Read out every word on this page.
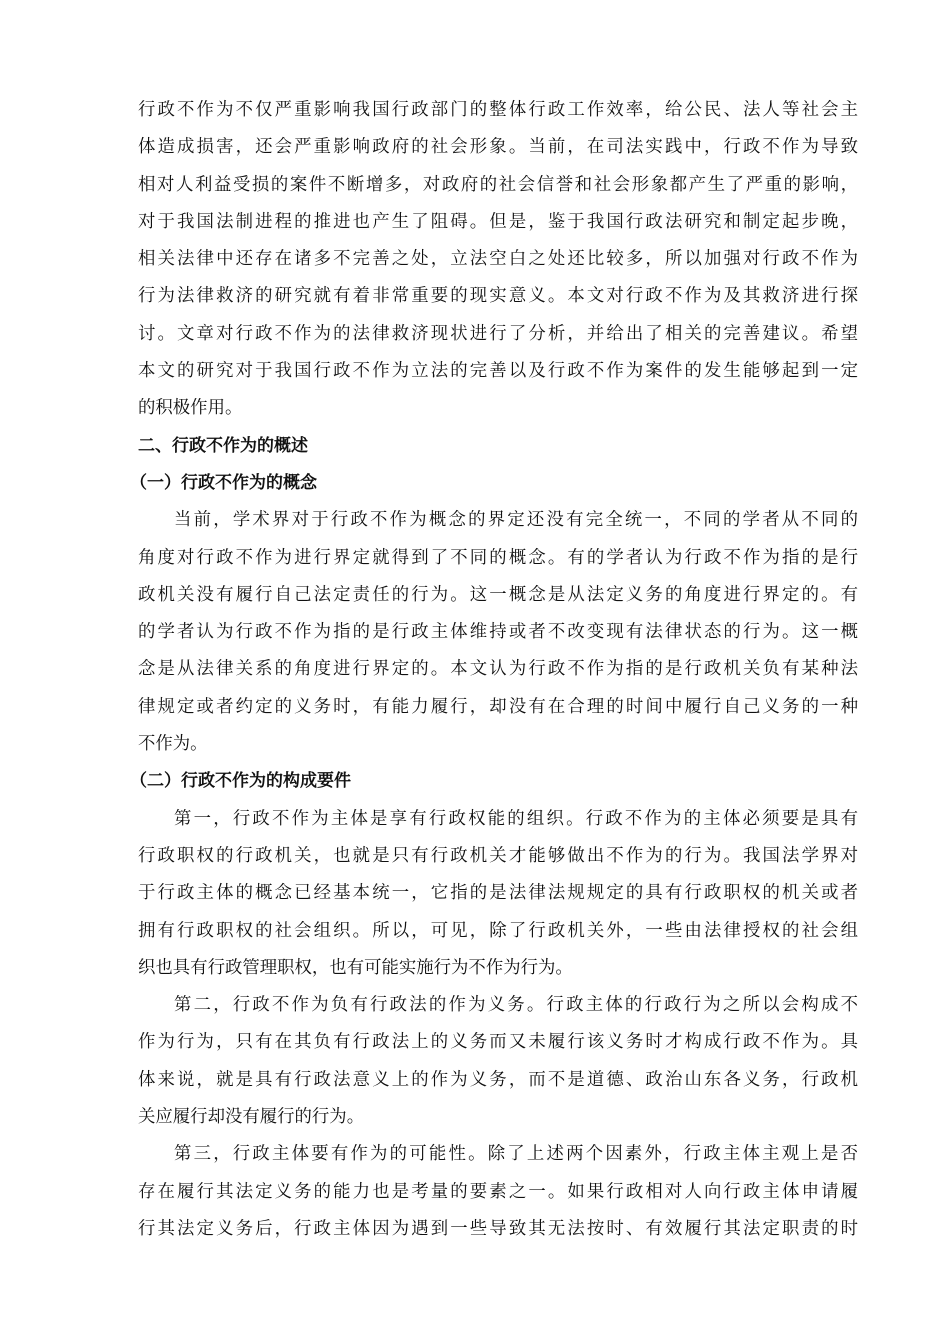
行政不作为不仅严重影响我国行政部门的整体行政工作效率，给公民、法人等社会主
体造成损害，还会严重影响政府的社会形象。当前，在司法实践中，行政不作为导致
相对人利益受损的案件不断增多，对政府的社会信誉和社会形象都产生了严重的影响，
对于我国法制进程的推进也产生了阻碍。但是，鉴于我国行政法研究和制定起步晚，
相关法律中还存在诸多不完善之处，立法空白之处还比较多，所以加强对行政不作为
行为法律救济的研究就有着非常重要的现实意义。本文对行政不作为及其救济进行探
讨。文章对行政不作为的法律救济现状进行了分析，并给出了相关的完善建议。希望
本文的研究对于我国行政不作为立法的完善以及行政不作为案件的发生能够起到一定
的积极作用。
二、行政不作为的概述
（一）行政不作为的概念
当前，学术界对于行政不作为概念的界定还没有完全统一，不同的学者从不同的
角度对行政不作为进行界定就得到了不同的概念。有的学者认为行政不作为指的是行
政机关没有履行自己法定责任的行为。这一概念是从法定义务的角度进行界定的。有
的学者认为行政不作为指的是行政主体维持或者不改变现有法律状态的行为。这一概
念是从法律关系的角度进行界定的。本文认为行政不作为指的是行政机关负有某种法
律规定或者约定的义务时，有能力履行，却没有在合理的时间中履行自己义务的一种
不作为。
（二）行政不作为的构成要件
第一，行政不作为主体是享有行政权能的组织。行政不作为的主体必须要是具有
行政职权的行政机关，也就是只有行政机关才能够做出不作为的行为。我国法学界对
于行政主体的概念已经基本统一，它指的是法律法规规定的具有行政职权的机关或者
拥有行政职权的社会组织。所以，可见，除了行政机关外，一些由法律授权的社会组
织也具有行政管理职权，也有可能实施行为不作为行为。
第二，行政不作为负有行政法的作为义务。行政主体的行政行为之所以会构成不
作为行为，只有在其负有行政法上的义务而又未履行该义务时才构成行政不作为。具
体来说，就是具有行政法意义上的作为义务，而不是道德、政治山东各义务，行政机
关应履行却没有履行的行为。
第三，行政主体要有作为的可能性。除了上述两个因素外，行政主体主观上是否
存在履行其法定义务的能力也是考量的要素之一。如果行政相对人向行政主体申请履
行其法定义务后，行政主体因为遇到一些导致其无法按时、有效履行其法定职责的时
